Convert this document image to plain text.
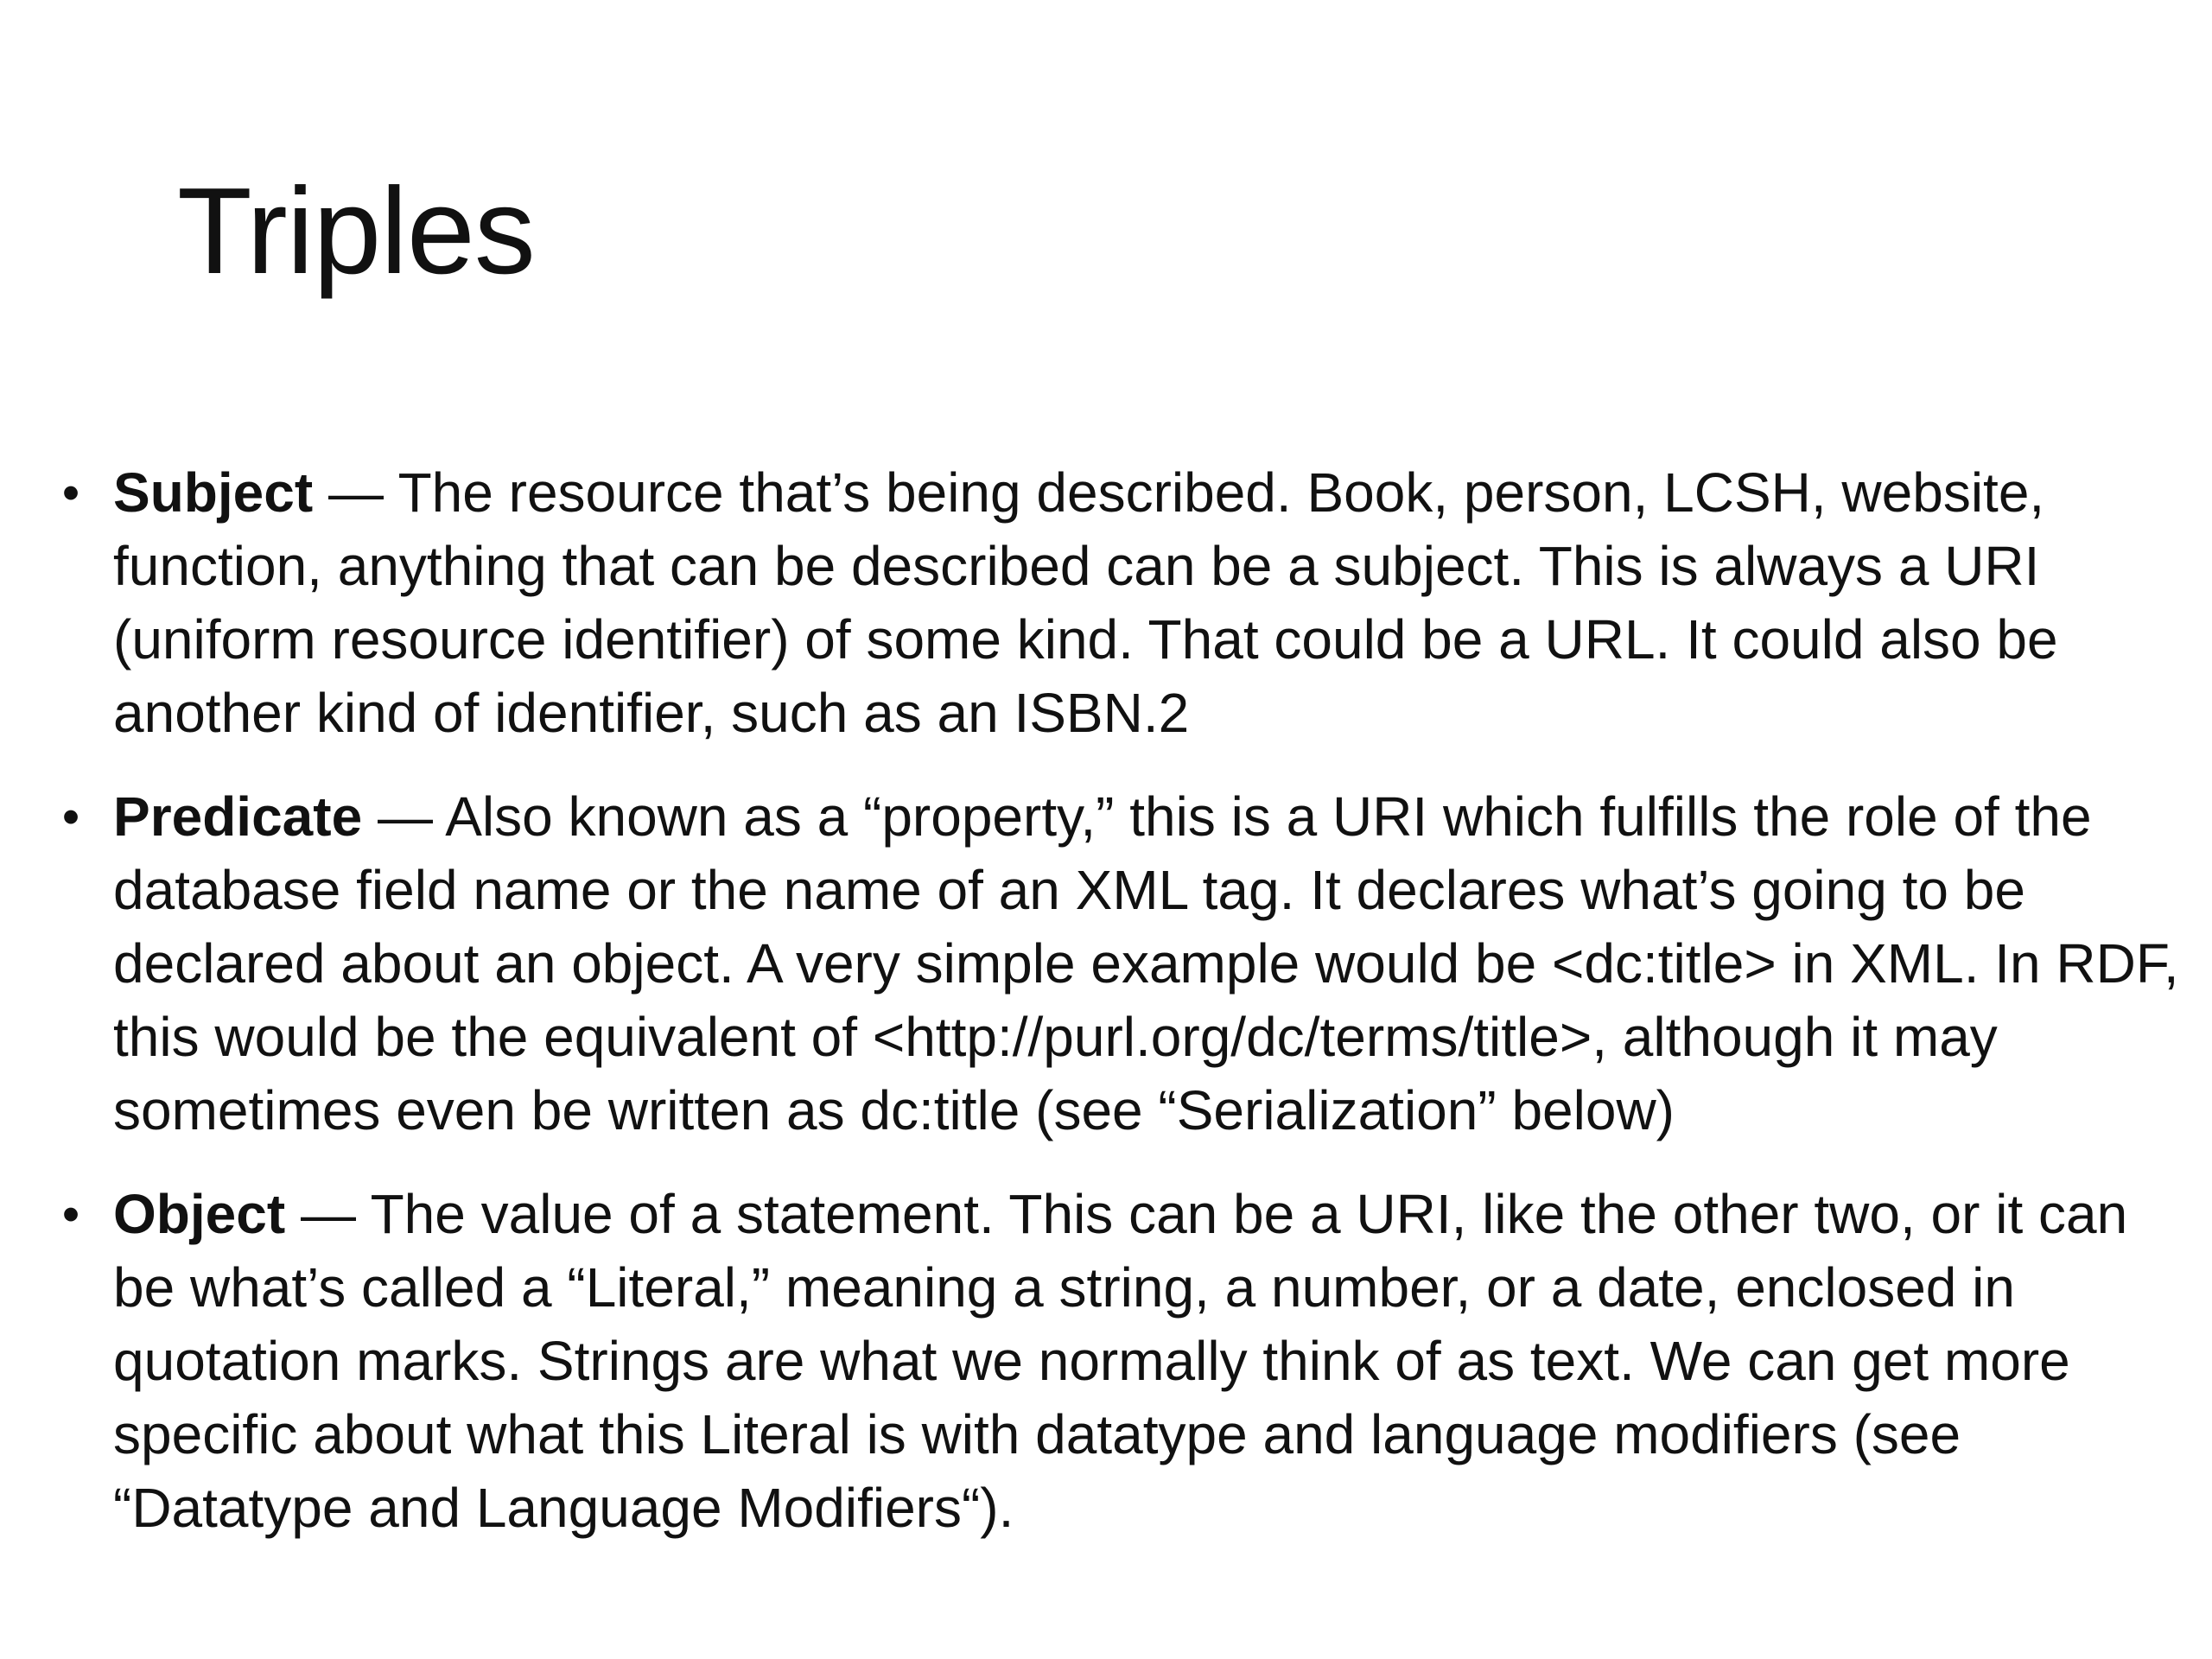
Triples
• Subject — The resource that’s being described. Book, person, LCSH, website, function, anything that can be described can be a subject. This is always a URI (uniform resource identifier) of some kind. That could be a URL. It could also be another kind of identifier, such as an ISBN.2
• Predicate — Also known as a “property,” this is a URI which fulfills the role of the database field name or the name of an XML tag. It declares what’s going to be declared about an object. A very simple example would be <dc:title> in XML. In RDF, this would be the equivalent of <http://purl.org/dc/terms/title>, although it may sometimes even be written as dc:title (see “Serialization” below)
• Object — The value of a statement. This can be a URI, like the other two, or it can be what’s called a “Literal,” meaning a string, a number, or a date, enclosed in quotation marks. Strings are what we normally think of as text. We can get more specific about what this Literal is with datatype and language modifiers (see “Datatype and Language Modifiers“).
